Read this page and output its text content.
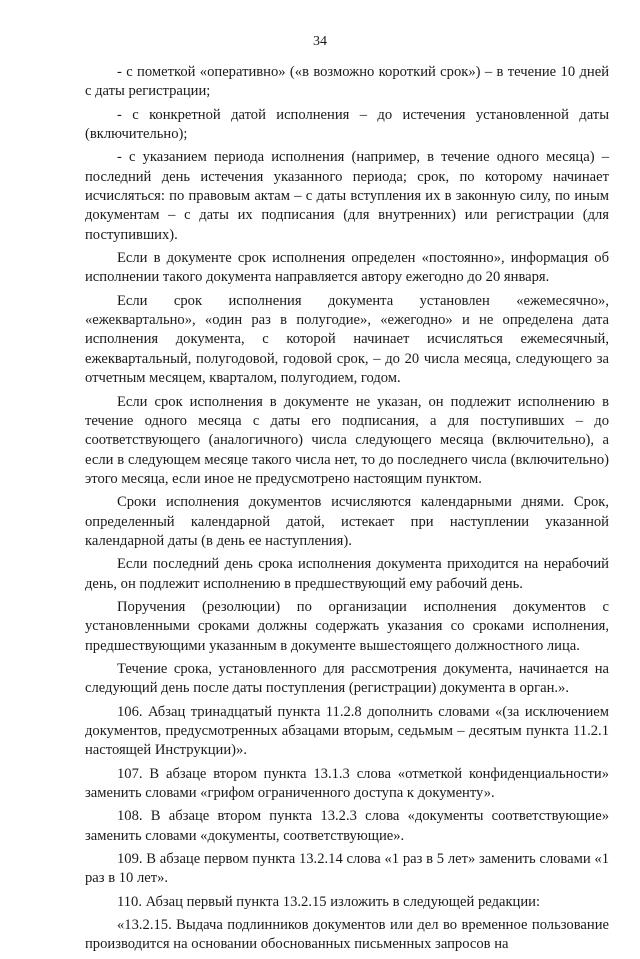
34

- с пометкой «оперативно» («в возможно короткий срок») – в течение 10 дней с даты регистрации;

- с конкретной датой исполнения – до истечения установленной даты (включительно);

- с указанием периода исполнения (например, в течение одного месяца) – последний день истечения указанного периода; срок, по которому начинает исчисляться: по правовым актам – с даты вступления их в законную силу, по иным документам – с даты их подписания (для внутренних) или регистрации (для поступивших).

Если в документе срок исполнения определен «постоянно», информация об исполнении такого документа направляется автору ежегодно до 20 января.

Если срок исполнения документа установлен «ежемесячно», «ежеквартально», «один раз в полугодие», «ежегодно» и не определена дата исполнения документа, с которой начинает исчисляться ежемесячный, ежеквартальный, полугодовой, годовой срок, – до 20 числа месяца, следующего за отчетным месяцем, кварталом, полугодием, годом.

Если срок исполнения в документе не указан, он подлежит исполнению в течение одного месяца с даты его подписания, а для поступивших – до соответствующего (аналогичного) числа следующего месяца (включительно), а если в следующем месяце такого числа нет, то до последнего числа (включительно) этого месяца, если иное не предусмотрено настоящим пунктом.

Сроки исполнения документов исчисляются календарными днями. Срок, определенный календарной датой, истекает при наступлении указанной календарной даты (в день ее наступления).

Если последний день срока исполнения документа приходится на нерабочий день, он подлежит исполнению в предшествующий ему рабочий день.

Поручения (резолюции) по организации исполнения документов с установленными сроками должны содержать указания со сроками исполнения, предшествующими указанным в документе вышестоящего должностного лица.

Течение срока, установленного для рассмотрения документа, начинается на следующий день после даты поступления (регистрации) документа в орган.».

106. Абзац тринадцатый пункта 11.2.8 дополнить словами «(за исключением документов, предусмотренных абзацами вторым, седьмым – десятым пункта 11.2.1 настоящей Инструкции)».

107. В абзаце втором пункта 13.1.3 слова «отметкой конфиденциальности» заменить словами «грифом ограниченного доступа к документу».

108. В абзаце втором пункта 13.2.3 слова «документы соответствующие» заменить словами «документы, соответствующие».

109. В абзаце первом пункта 13.2.14 слова «1 раз в 5 лет» заменить словами «1 раз в 10 лет».

110. Абзац первый пункта 13.2.15 изложить в следующей редакции:

«13.2.15. Выдача подлинников документов или дел во временное пользование производится на основании обоснованных письменных запросов на
